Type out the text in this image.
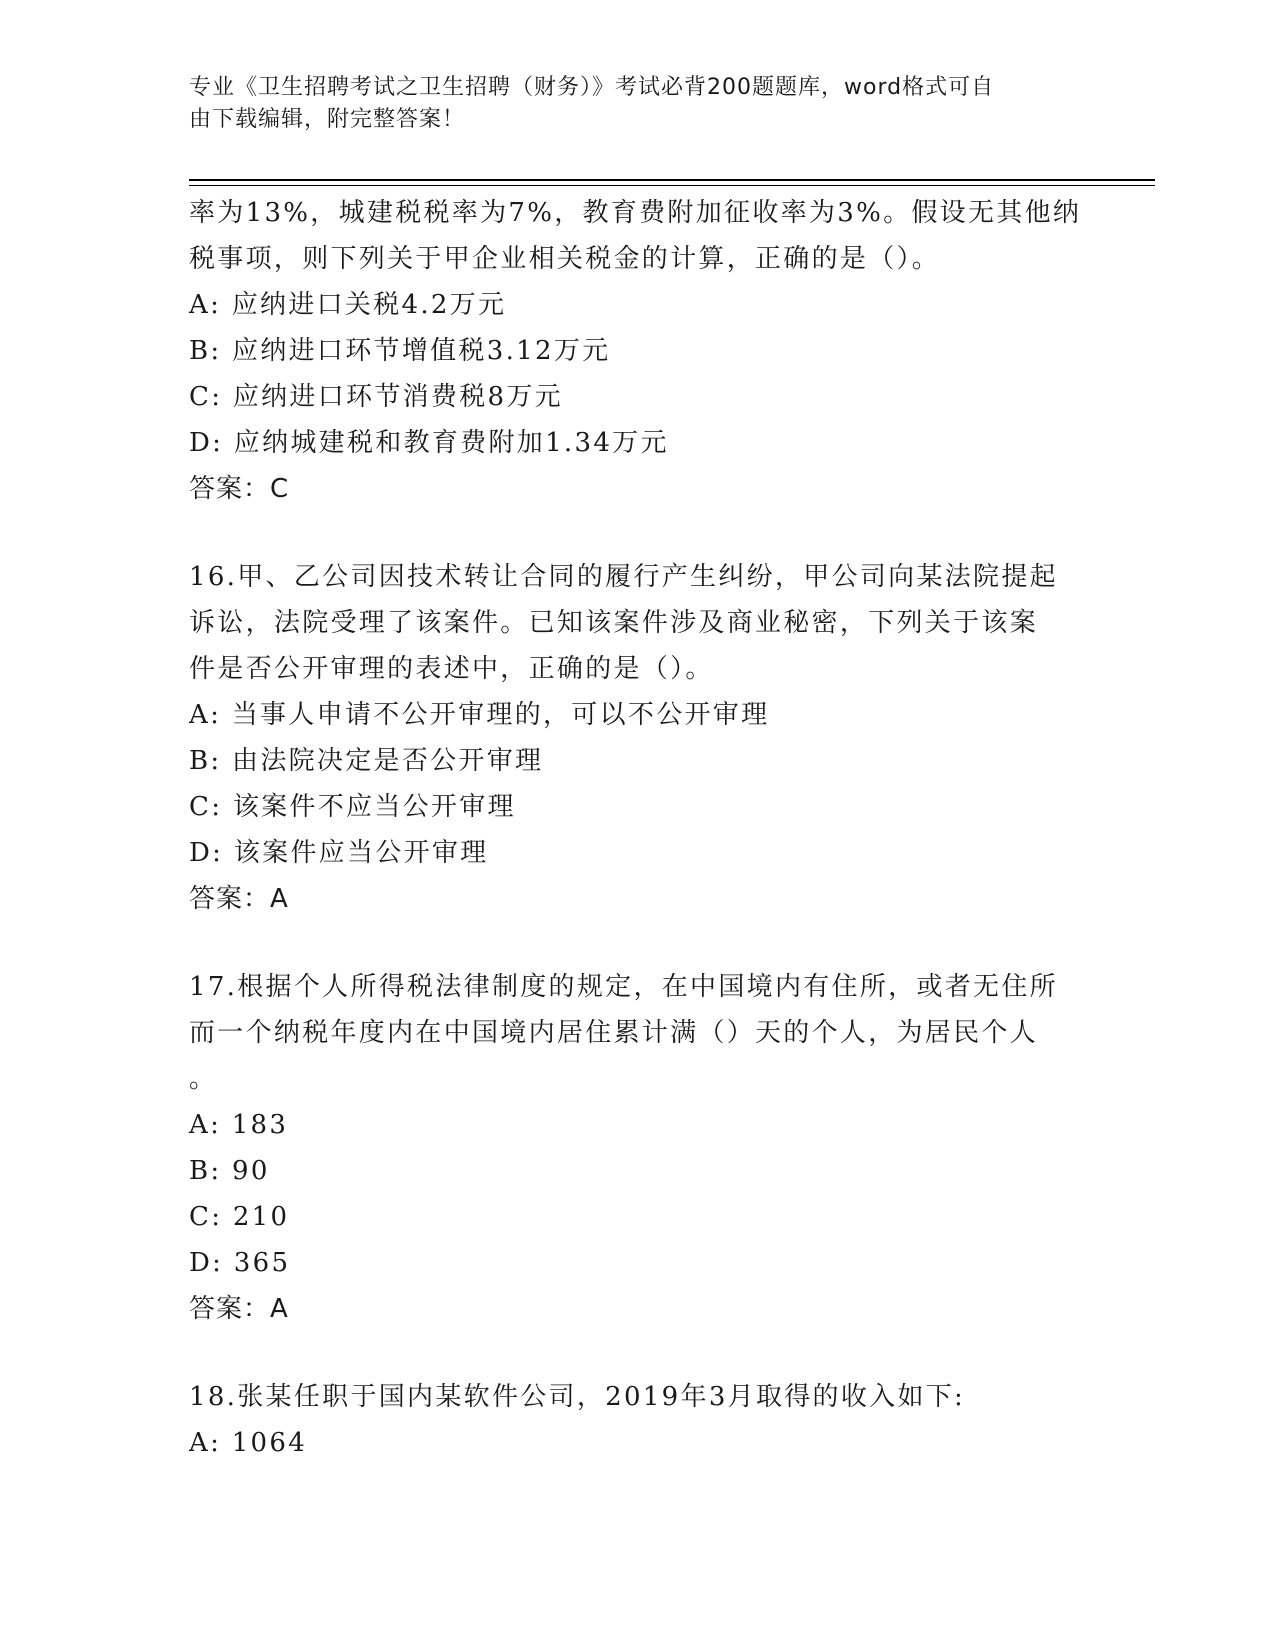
专业《卫生招聘考试之卫生招聘（财务）》考试必背200题题库，word格式可自
由下载编辑，附完整答案！
率为13%，城建税税率为7%，教育费附加征收率为3%。假设无其他纳
税事项，则下列关于甲企业相关税金的计算，正确的是（）。
A: 应纳进口关税4.2万元
B: 应纳进口环节增值税3.12万元
C: 应纳进口环节消费税8万元
D: 应纳城建税和教育费附加1.34万元
答案：C
16.甲、乙公司因技术转让合同的履行产生纠纷，甲公司向某法院提起
诉讼，法院受理了该案件。已知该案件涉及商业秘密，下列关于该案
件是否公开审理的表述中，正确的是（）。
A: 当事人申请不公开审理的，可以不公开审理
B: 由法院决定是否公开审理
C: 该案件不应当公开审理
D: 该案件应当公开审理
答案：A
17.根据个人所得税法律制度的规定，在中国境内有住所，或者无住所
而一个纳税年度内在中国境内居住累计满（）天的个人，为居民个人
。
A: 183
B: 90
C: 210
D: 365
答案：A
18.张某任职于国内某软件公司，2019年3月取得的收入如下:
A: 1064
